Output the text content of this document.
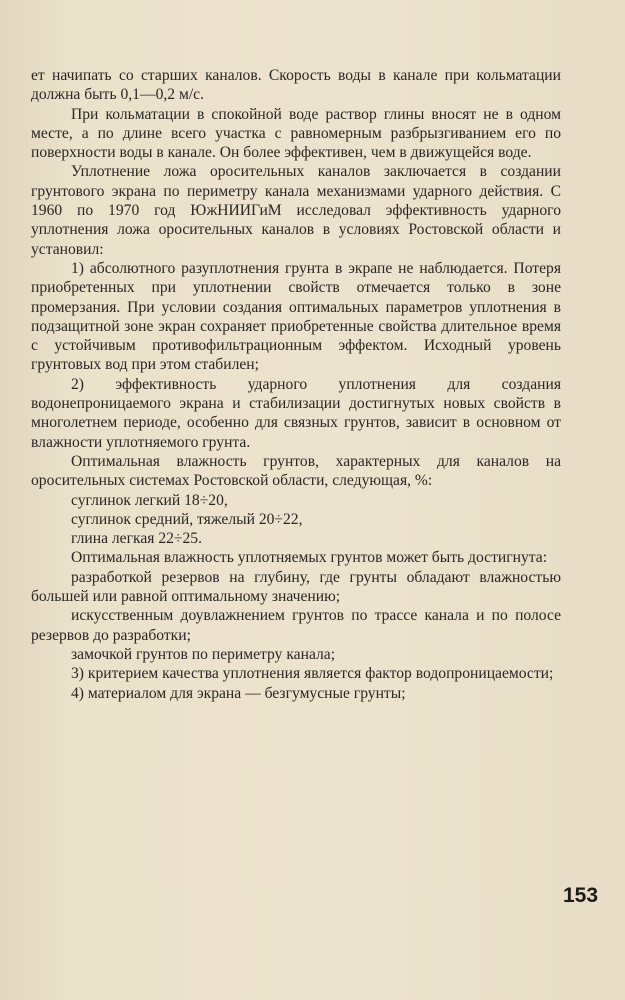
ет начипать со старших каналов. Скорость воды в канале при кольматации должна быть 0,1—0,2 м/с.

При кольматации в спокойной воде раствор глины вносят не в одном месте, а по длине всего участка с равномерным разбрызгиванием его по поверхности воды в канале. Он более эффективен, чем в движущейся воде.

Уплотнение ложа оросительных каналов заключается в создании грунтового экрана по периметру канала механизмами ударного действия. С 1960 по 1970 год ЮжНИИГиМ исследовал эффективность ударного уплотнения ложа оросительных каналов в условиях Ростовской области и установил:

1) абсолютного разуплотнения грунта в экрапе не наблюдается. Потеря приобретенных при уплотнении свойств отмечается только в зоне промерзания. При условии создания оптимальных параметров уплотнения в подзащитной зоне экран сохраняет приобретенные свойства длительное время с устойчивым противофильтрационным эффектом. Исходный уровень грунтовых вод при этом стабилен;

2) эффективность ударного уплотнения для создания водонепроницаемого экрана и стабилизации достигнутых новых свойств в многолетнем периоде, особенно для связных грунтов, зависит в основном от влажности уплотняемого грунта.

Оптимальная влажность грунтов, характерных для каналов на оросительных системах Ростовской области, следующая, %:

суглинок легкий 18÷20,

суглинок средний, тяжелый 20÷22,

глина легкая 22÷25.

Оптимальная влажность уплотняемых грунтов может быть достигнута:

разработкой резервов на глубину, где грунты обладают влажностью большей или равной оптимальному значению;

искусственным доувлажнением грунтов по трассе канала и по полосе резервов до разработки;

замочкой грунтов по периметру канала;

3) критерием качества уплотнения является фактор водопроницаемости;

4) материалом для экрана — безгумусные грунты;

153
